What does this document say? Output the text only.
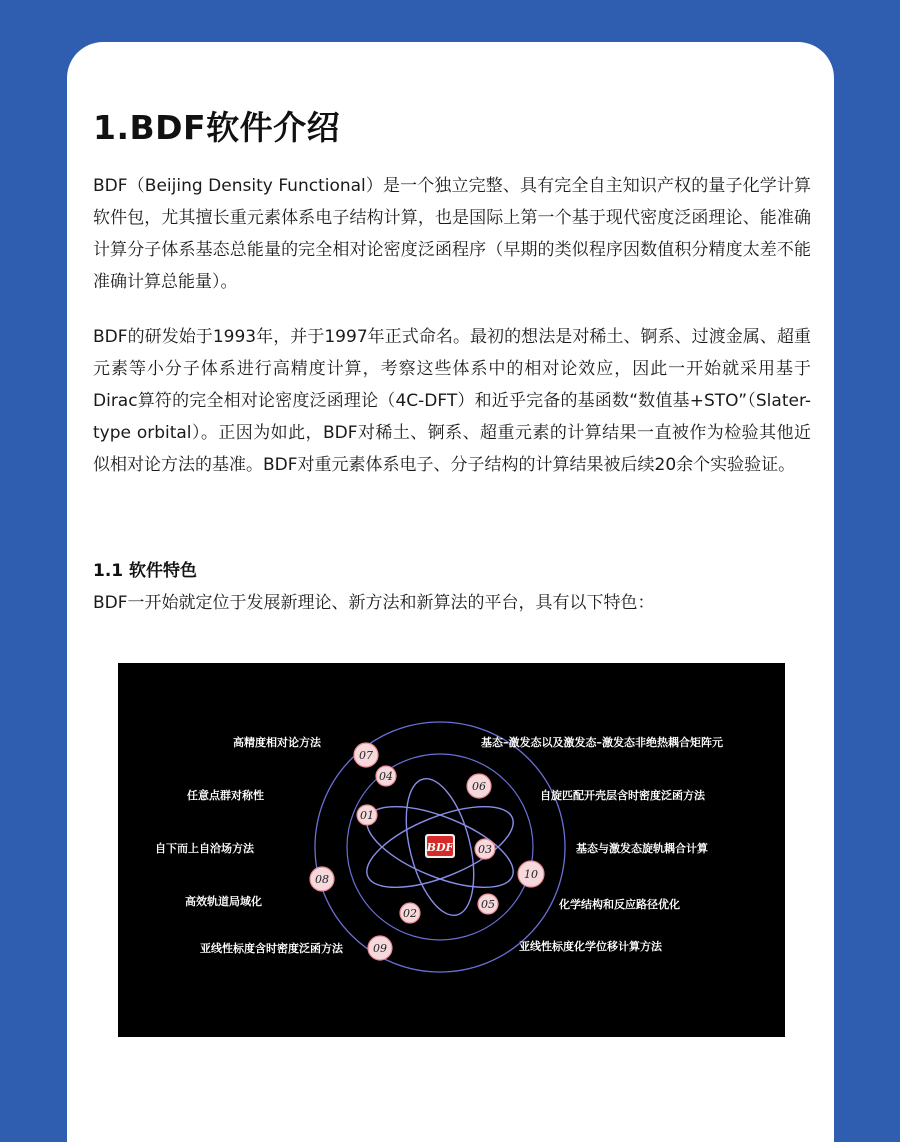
1.BDF软件介绍

BDF（Beijing Density Functional）是一个独立完整、具有完全自主知识产权的量子化学计算软件包，尤其擅长重元素体系电子结构计算，也是国际上第一个基于现代密度泛函理论、能准确计算分子体系基态总能量的完全相对论密度泛函程序（早期的类似程序因数值积分精度太差不能准确计算总能量）。

BDF的研发始于1993年，并于1997年正式命名。最初的想法是对稀土、锕系、过渡金属、超重元素等小分子体系进行高精度计算，考察这些体系中的相对论效应，因此一开始就采用基于Dirac算符的完全相对论密度泛函理论（4C-DFT）和近乎完备的基函数“数值基+STO”（Slater-type orbital）。正因为如此，BDF对稀土、锕系、超重元素的计算结果一直被作为检验其他近似相对论方法的基准。BDF对重元素体系电子、分子结构的计算结果被后续20余个实验验证。

1.1 软件特色

BDF一开始就定位于发展新理论、新方法和新算法的平台，具有以下特色：

BDF
高精度相对论方法
任意点群对称性
自下而上自洽场方法
高效轨道局域化
亚线性标度含时密度泛函方法
基态–激发态以及激发态–激发态非绝热耦合矩阵元
自旋匹配开壳层含时密度泛函方法
基态与激发态旋轨耦合计算
化学结构和反应路径优化
亚线性标度化学位移计算方法
01
02
03
04
05
06
07
08
09
10
